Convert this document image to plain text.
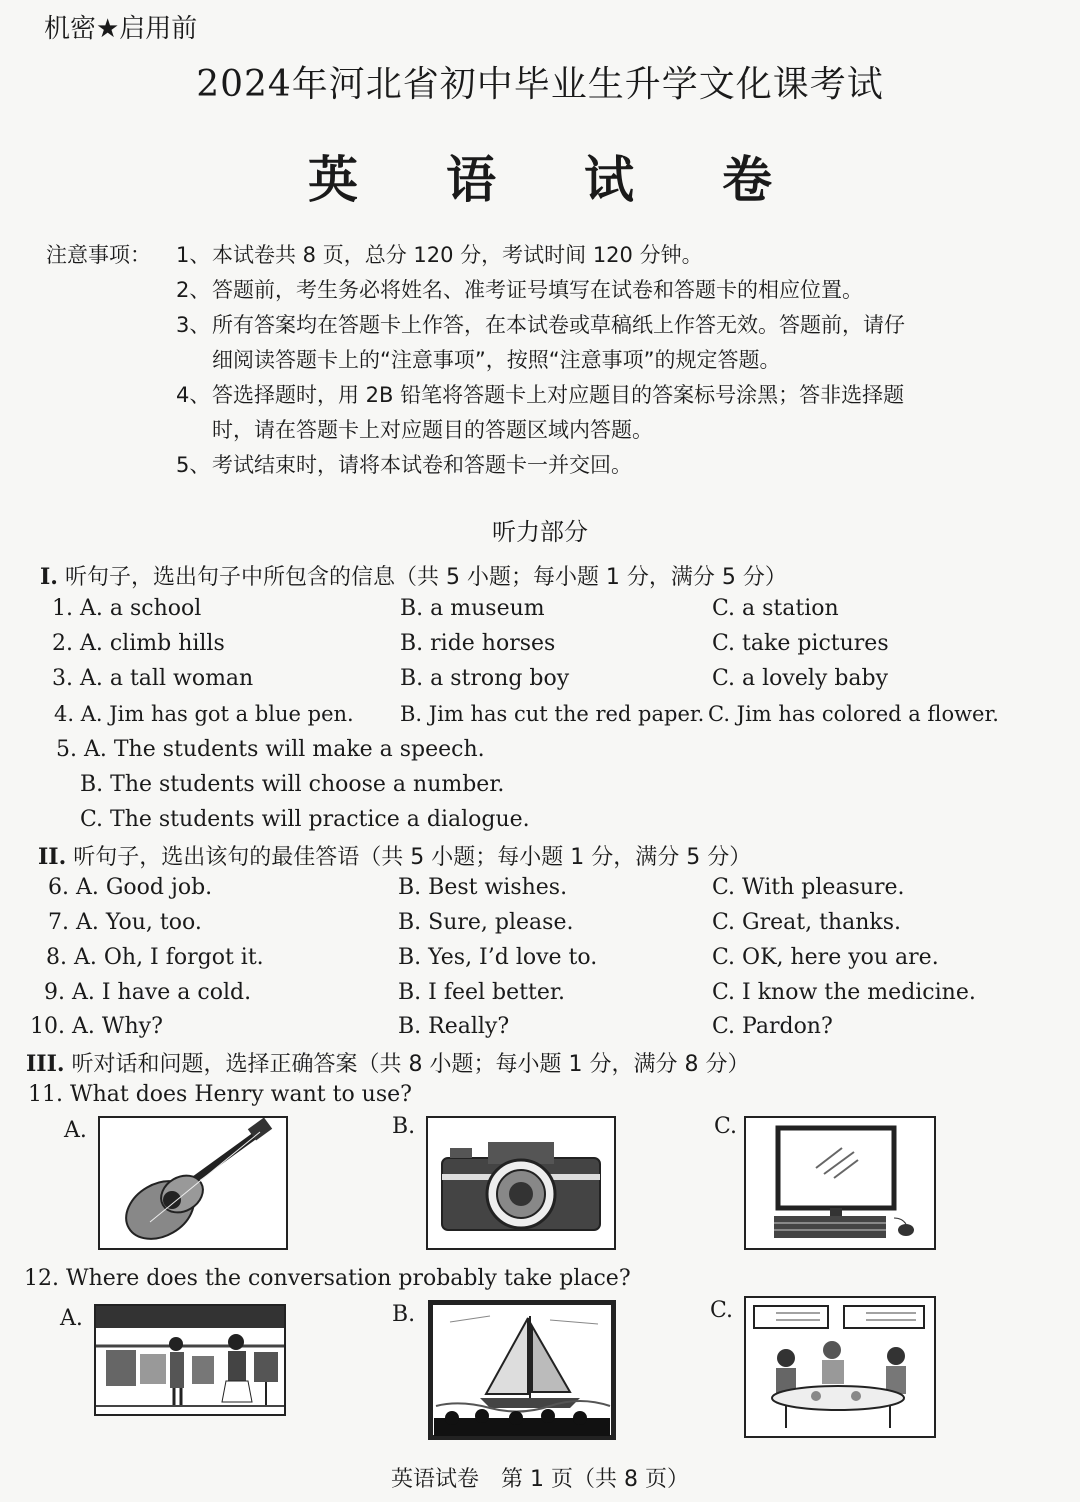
机密★启用前
2024年河北省初中毕业生升学文化课考试
英 语 试 卷
注意事项：	1、 本试卷共 8 页，总分 120 分，考试时间 120 分钟。
2、 答题前，考生务必将姓名、准考证号填写在试卷和答题卡的相应位置。
3、 所有答案均在答题卡上作答，在本试卷或草稿纸上作答无效。答题前，请仔
细阅读答题卡上的“注意事项”，按照“注意事项”的规定答题。
4、 答选择题时，用 2B 铅笔将答题卡上对应题目的答案标号涂黑；答非选择题
时，请在答题卡上对应题目的答题区域内答题。
5、 考试结束时，请将本试卷和答题卡一并交回。
听力部分
I. 听句子，选出句子中所包含的信息（共 5 小题；每小题 1 分，满分 5 分）
1. A. a school	B. a museum	C. a station
2. A. climb hills	B. ride horses	C. take pictures
3. A. a tall woman	B. a strong boy	C. a lovely baby
4. A. Jim has got a blue pen. B. Jim has cut the red paper. C. Jim has colored a flower.
5. A. The students will make a speech.
B. The students will choose a number.
C. The students will practice a dialogue.
II. 听句子，选出该句的最佳答语（共 5 小题；每小题 1 分，满分 5 分）
6. A. Good job.	B. Best wishes.	C. With pleasure.
7. A. You, too.	B. Sure, please.	C. Great, thanks.
8. A. Oh, I forgot it.	B. Yes, I’d love to.	C. OK, here you are.
9. A. I have a cold.	B. I feel better.	C. I know the medicine.
10. A. Why?	B. Really?	C. Pardon?
III. 听对话和问题，选择正确答案（共 8 小题；每小题 1 分，满分 8 分）
11. What does Henry want to use?
A.	B.	C.
12. Where does the conversation probably take place?
A.	B.	C.
英语试卷　第 1 页（共 8 页）
